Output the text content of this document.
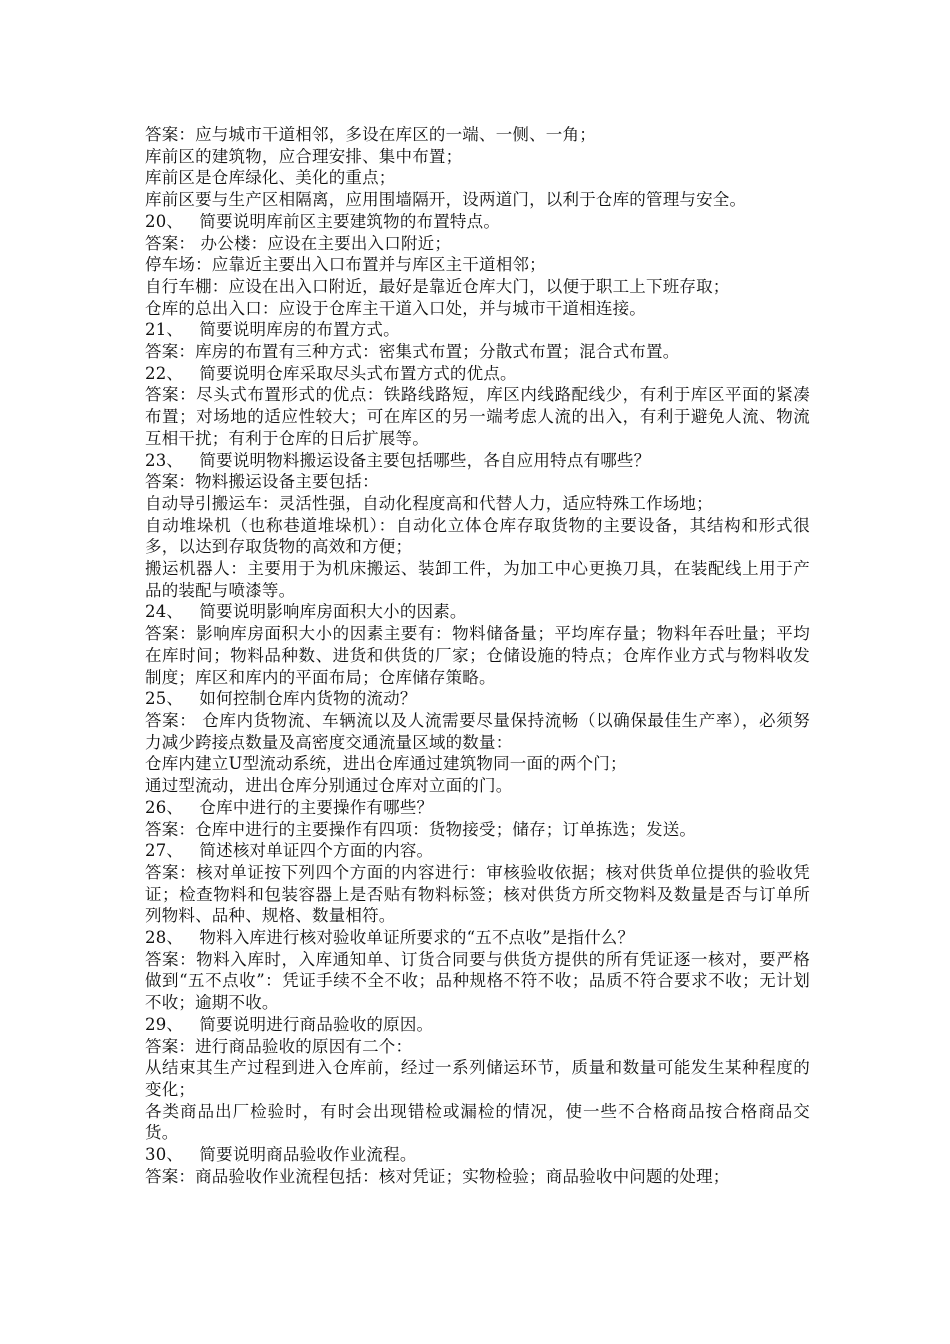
答案：应与城市干道相邻，多设在库区的一端、一侧、一角；

库前区的建筑物，应合理安排、集中布置；

库前区是仓库绿化、美化的重点；

库前区要与生产区相隔离，应用围墙隔开，设两道门，以利于仓库的管理与安全。

20、   简要说明库前区主要建筑物的布置特点。

答案： 办公楼：应设在主要出入口附近；

停车场：应靠近主要出入口布置并与库区主干道相邻；

自行车棚：应设在出入口附近，最好是靠近仓库大门，以便于职工上下班存取；

仓库的总出入口：应设于仓库主干道入口处，并与城市干道相连接。

21、   简要说明库房的布置方式。

答案：库房的布置有三种方式：密集式布置；分散式布置；混合式布置。

22、   简要说明仓库采取尽头式布置方式的优点。

答案：尽头式布置形式的优点：铁路线路短，库区内线路配线少，有利于库区平面的紧凑布置；对场地的适应性较大；可在库区的另一端考虑人流的出入，有利于避免人流、物流互相干扰；有利于仓库的日后扩展等。

23、   简要说明物料搬运设备主要包括哪些，各自应用特点有哪些？

答案：物料搬运设备主要包括：

自动导引搬运车：灵活性强，自动化程度高和代替人力，适应特殊工作场地；

自动堆垛机（也称巷道堆垛机）：自动化立体仓库存取货物的主要设备，其结构和形式很多，以达到存取货物的高效和方便；

搬运机器人：主要用于为机床搬运、装卸工件，为加工中心更换刀具，在装配线上用于产品的装配与喷漆等。

24、   简要说明影响库房面积大小的因素。

答案：影响库房面积大小的因素主要有：物料储备量；平均库存量；物料年吞吐量；平均在库时间；物料品种数、进货和供货的厂家；仓储设施的特点；仓库作业方式与物料收发制度；库区和库内的平面布局；仓库储存策略。

25、   如何控制仓库内货物的流动？

答案： 仓库内货物流、车辆流以及人流需要尽量保持流畅（以确保最佳生产率），必须努力减少跨接点数量及高密度交通流量区域的数量：

仓库内建立U型流动系统，进出仓库通过建筑物同一面的两个门；

通过型流动，进出仓库分别通过仓库对立面的门。

26、   仓库中进行的主要操作有哪些？

答案：仓库中进行的主要操作有四项：货物接受；储存；订单拣选；发送。

27、   简述核对单证四个方面的内容。

答案：核对单证按下列四个方面的内容进行：审核验收依据；核对供货单位提供的验收凭证；检查物料和包装容器上是否贴有物料标签；核对供货方所交物料及数量是否与订单所列物料、品种、规格、数量相符。

28、   物料入库进行核对验收单证所要求的“五不点收”是指什么？

答案：物料入库时，入库通知单、订货合同要与供货方提供的所有凭证逐一核对，要严格做到“五不点收”：凭证手续不全不收；品种规格不符不收；品质不符合要求不收；无计划不收；逾期不收。

29、   简要说明进行商品验收的原因。

答案：进行商品验收的原因有二个：

从结束其生产过程到进入仓库前，经过一系列储运环节，质量和数量可能发生某种程度的变化；

各类商品出厂检验时，有时会出现错检或漏检的情况，使一些不合格商品按合格商品交货。

30、   简要说明商品验收作业流程。

答案：商品验收作业流程包括：核对凭证；实物检验；商品验收中问题的处理；
